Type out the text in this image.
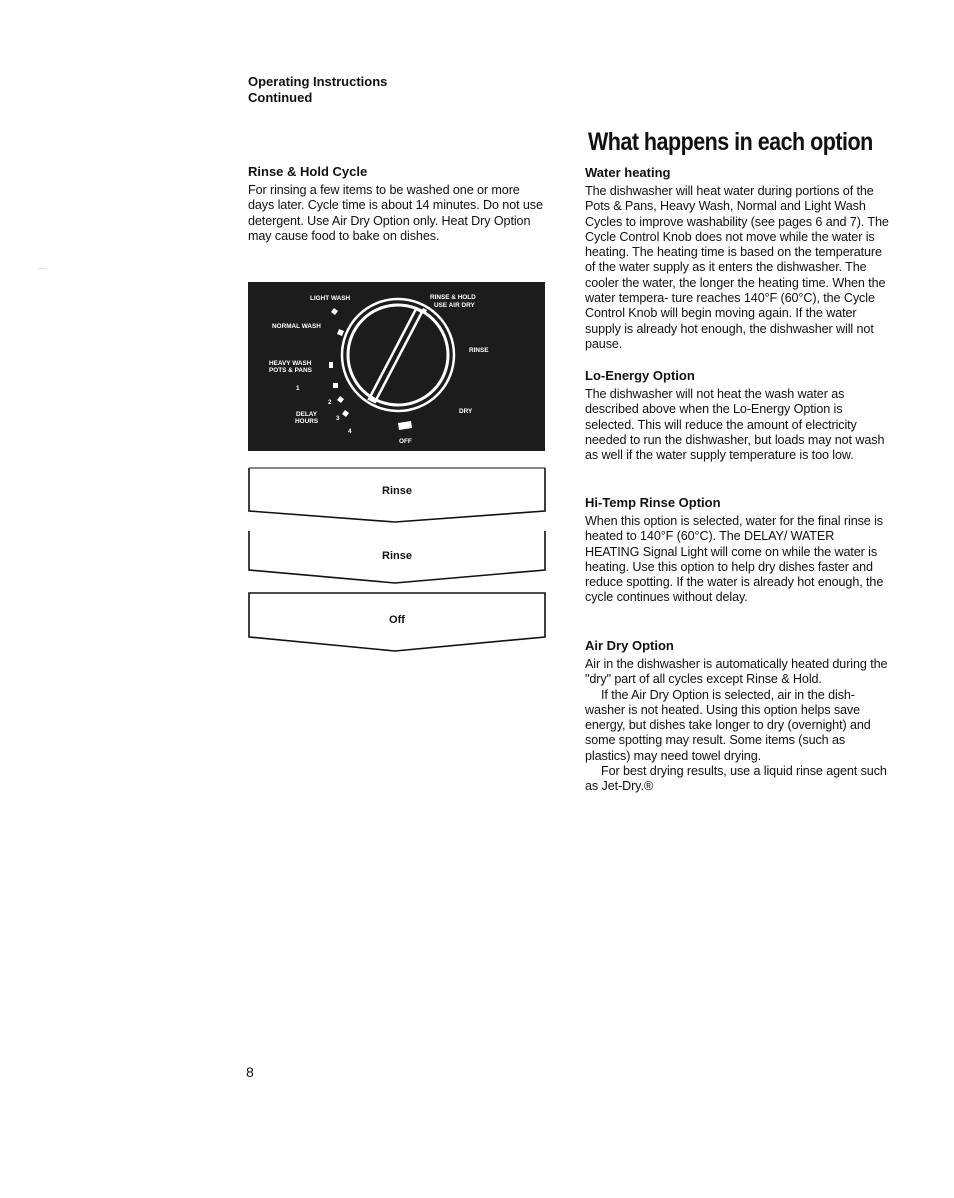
Operating Instructions
Continued

Rinse & Hold Cycle

For rinsing a few items to be washed one or more days later. Cycle time is about 14 minutes. Do not use detergent. Use Air Dry Option only. Heat Dry Option may cause food to bake on dishes.

LIGHT WASH	RINSE & HOLD
USE AIR DRY
NORMAL WASH
HEAVY WASH
POTS & PANS
RINSE
1
2
DELAY
3
HOURS
4
DRY
OFF
Rinse
Rinse
Off
What happens in each option

Water heating

The dishwasher will heat water during portions of the Pots & Pans, Heavy Wash, Normal and Light Wash Cycles to improve washability (see pages 6 and 7). The Cycle Control Knob does not move while the water is heating. The heating time is based on the temperature of the water supply as it enters the dishwasher. The cooler the water, the longer the heating time. When the water tempera- ture reaches 140°F (60°C), the Cycle Control Knob will begin moving again. If the water supply is already hot enough, the dishwasher will not pause.

Lo-Energy Option

The dishwasher will not heat the wash water as described above when the Lo-Energy Option is selected. This will reduce the amount of electricity needed to run the dishwasher, but loads may not wash as well if the water supply temperature is too low.

Hi-Temp Rinse Option

When this option is selected, water for the final rinse is heated to 140°F (60°C). The DELAY/ WATER HEATING Signal Light will come on while the water is heating. Use this option to help dry dishes faster and reduce spotting. If the water is already hot enough, the cycle continues without delay.

Air Dry Option

Air in the dishwasher is automatically heated during the "dry" part of all cycles except Rinse & Hold.

If the Air Dry Option is selected, air in the dish- washer is not heated. Using this option helps save energy, but dishes take longer to dry (overnight) and some spotting may result. Some items (such as plastics) may need towel drying.

For best drying results, use a liquid rinse agent such as Jet-Dry.®

8
